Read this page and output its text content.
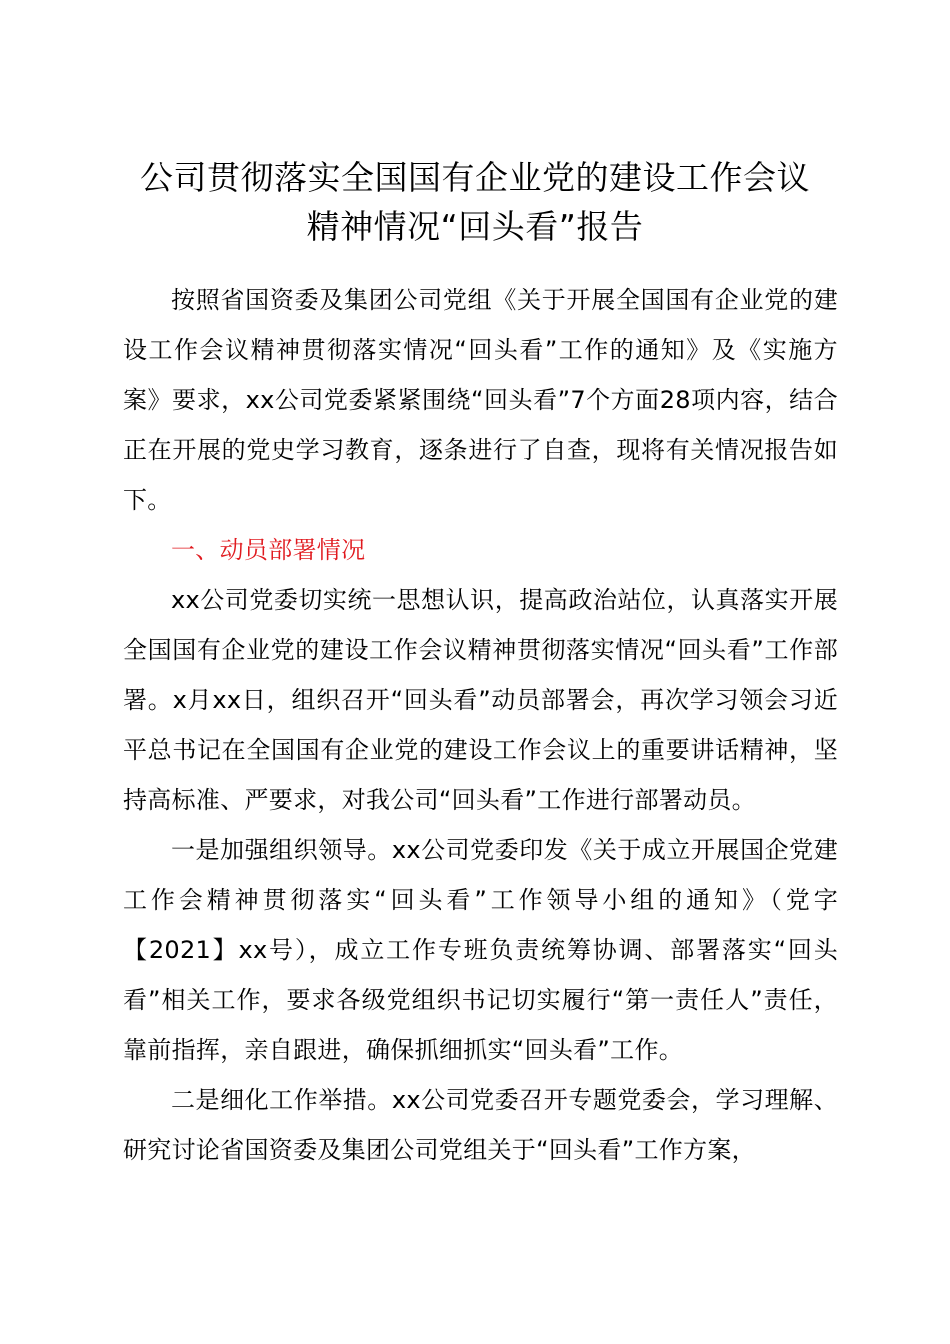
公司贯彻落实全国国有企业党的建设工作会议
精神情况“回头看”报告

按照省国资委及集团公司党组《关于开展全国国有企业党的建设工作会议精神贯彻落实情况“回头看”工作的通知》及《实施方案》要求，xx公司党委紧紧围绕“回头看”7个方面28项内容，结合正在开展的党史学习教育，逐条进行了自查，现将有关情况报告如下。

一、动员部署情况

xx公司党委切实统一思想认识，提高政治站位，认真落实开展全国国有企业党的建设工作会议精神贯彻落实情况“回头看”工作部署。x月xx日，组织召开“回头看”动员部署会，再次学习领会习近平总书记在全国国有企业党的建设工作会议上的重要讲话精神，坚持高标准、严要求，对我公司“回头看”工作进行部署动员。

一是加强组织领导。xx公司党委印发《关于成立开展国企党建工作会精神贯彻落实“回头看”工作领导小组的通知》（党字【2021】xx号），成立工作专班负责统筹协调、部署落实“回头看”相关工作，要求各级党组织书记切实履行“第一责任人”责任，靠前指挥，亲自跟进，确保抓细抓实“回头看”工作。

二是细化工作举措。xx公司党委召开专题党委会，学习理解、研究讨论省国资委及集团公司党组关于“回头看”工作方案，
